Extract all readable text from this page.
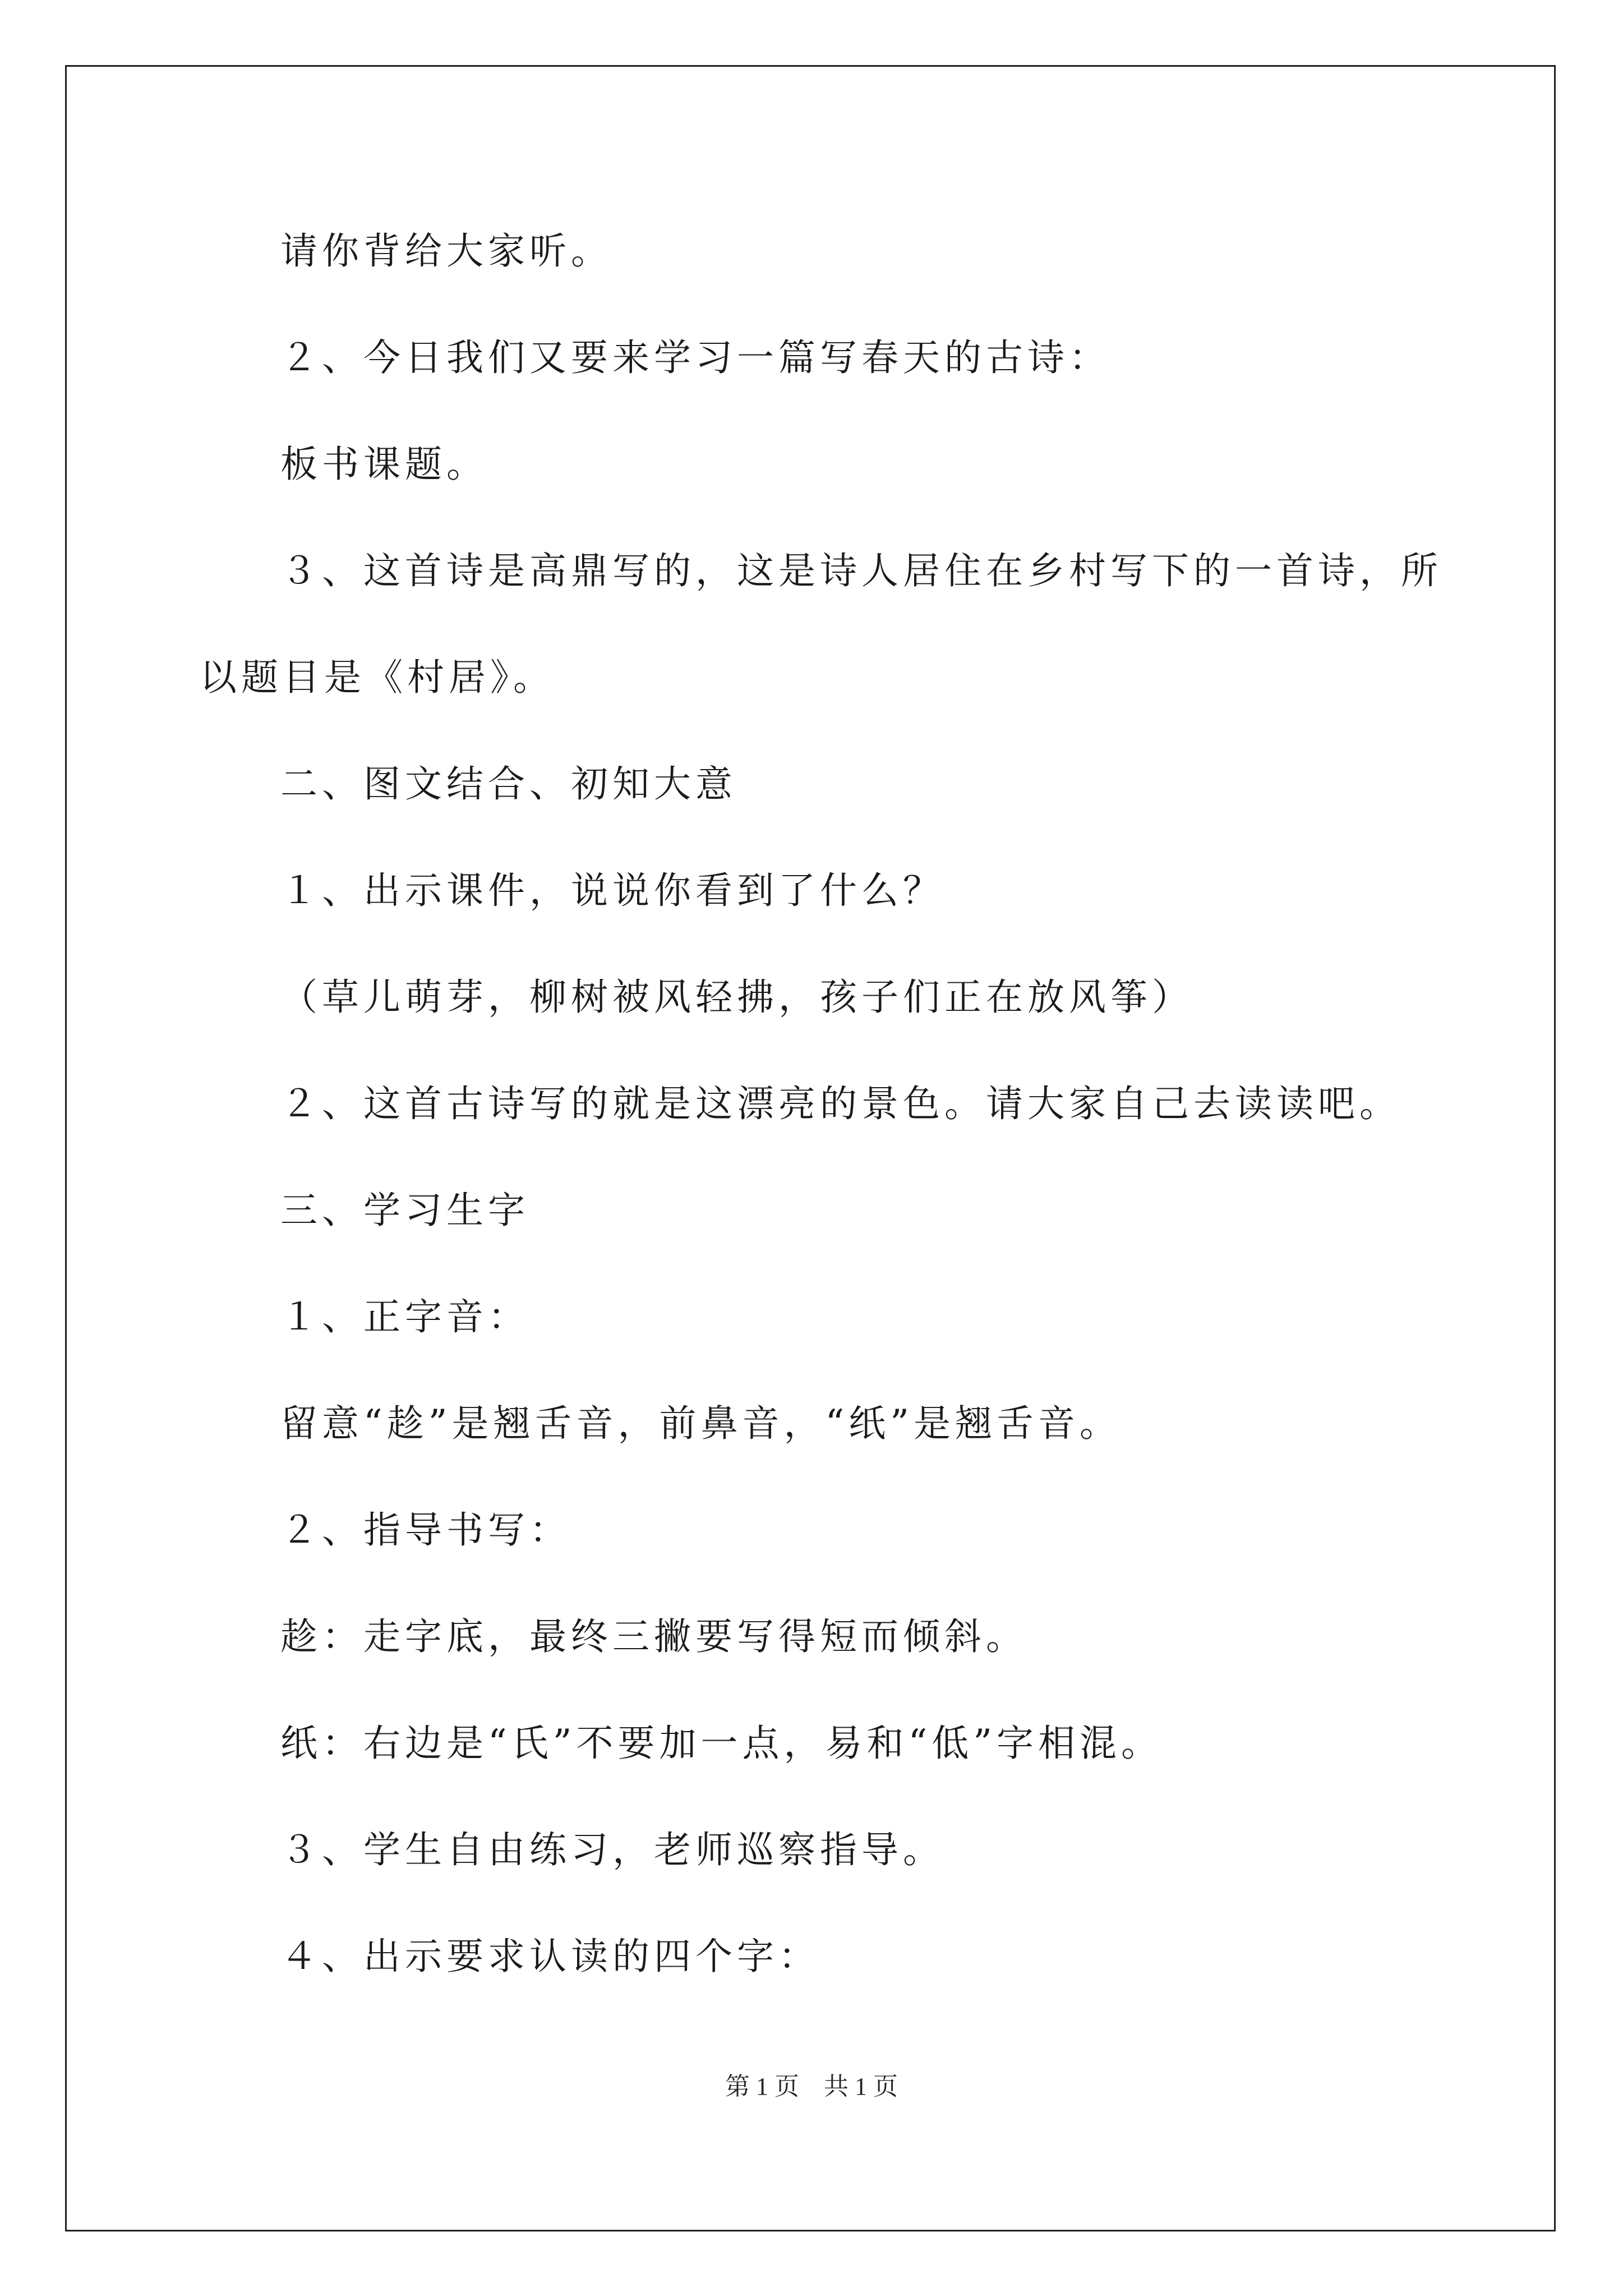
请你背给大家听。
２、今日我们又要来学习一篇写春天的古诗：
板书课题。
３、这首诗是高鼎写的，这是诗人居住在乡村写下的一首诗，所
以题目是《村居》。
二、图文结合、初知大意
１、出示课件，说说你看到了什么？
（草儿萌芽，柳树被风轻拂，孩子们正在放风筝）
２、这首古诗写的就是这漂亮的景色。请大家自己去读读吧。
三、学习生字
１、正字音：
留意“趁”是翘舌音，前鼻音，“纸”是翘舌音。
２、指导书写：
趁：走字底，最终三撇要写得短而倾斜。
纸：右边是“氏”不要加一点，易和“低”字相混。
３、学生自由练习，老师巡察指导。
４、出示要求认读的四个字：
第 1 页    共 1 页
